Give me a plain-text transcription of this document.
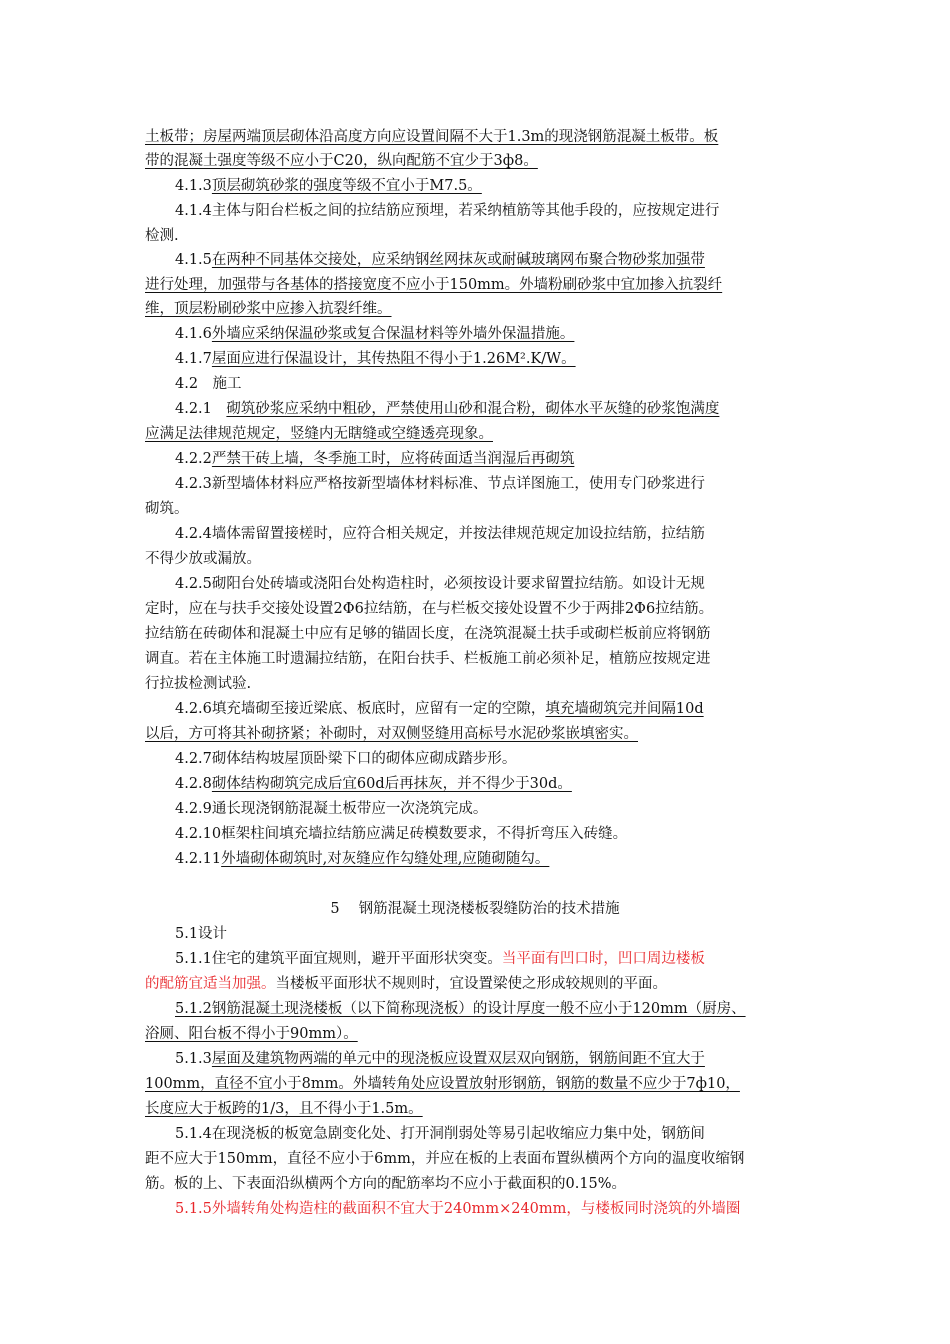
土板带；房屋两端顶层砌体沿高度方向应设置间隔不大于1.3m的现浇钢筋混凝土板带。板
带的混凝土强度等级不应小于C20，纵向配筋不宜少于3ф8。
4.1.3顶层砌筑砂浆的强度等级不宜小于M7.5。
4.1.4主体与阳台栏板之间的拉结筋应预埋，若采纳植筋等其他手段的，应按规定进行
检测.
4.1.5在两种不同基体交接处，应采纳钢丝网抹灰或耐碱玻璃网布聚合物砂浆加强带
进行处理，加强带与各基体的搭接宽度不应小于150mm。外墙粉刷砂浆中宜加掺入抗裂纤
维，顶层粉刷砂浆中应掺入抗裂纤维。
4.1.6外墙应采纳保温砂浆或复合保温材料等外墙外保温措施。
4.1.7屋面应进行保温设计，其传热阻不得小于1.26M².K/W。
4.2　施工
4.2.1　砌筑砂浆应采纳中粗砂，严禁使用山砂和混合粉，砌体水平灰缝的砂浆饱满度
应满足法律规范规定，竖缝内无瞎缝或空缝透亮现象。
4.2.2严禁干砖上墙，冬季施工时，应将砖面适当润湿后再砌筑
4.2.3新型墙体材料应严格按新型墙体材料标准、节点详图施工，使用专门砂浆进行
砌筑。
4.2.4墙体需留置接槎时，应符合相关规定，并按法律规范规定加设拉结筋，拉结筋
不得少放或漏放。
4.2.5砌阳台处砖墙或浇阳台处构造柱时，必须按设计要求留置拉结筋。如设计无规
定时，应在与扶手交接处设置2Φ6拉结筋，在与栏板交接处设置不少于两排2Φ6拉结筋。
拉结筋在砖砌体和混凝土中应有足够的锚固长度，在浇筑混凝土扶手或砌栏板前应将钢筋
调直。若在主体施工时遗漏拉结筋，在阳台扶手、栏板施工前必须补足，植筋应按规定进
行拉拔检测试验.
4.2.6填充墙砌至接近梁底、板底时，应留有一定的空隙，填充墙砌筑完并间隔10d
以后，方可将其补砌挤紧；补砌时，对双侧竖缝用高标号水泥砂浆嵌填密实。
4.2.7砌体结构坡屋顶卧梁下口的砌体应砌成踏步形。
4.2.8砌体结构砌筑完成后宜60d后再抹灰，并不得少于30d。
4.2.9通长现浇钢筋混凝土板带应一次浇筑完成。
4.2.10框架柱间填充墙拉结筋应满足砖模数要求，不得折弯压入砖缝。
4.2.11外墙砌体砌筑时,对灰缝应作勾缝处理,应随砌随勾。
5　 钢筋混凝土现浇楼板裂缝防治的技术措施
5.1设计
5.1.1住宅的建筑平面宜规则，避开平面形状突变。当平面有凹口时，凹口周边楼板
的配筋宜适当加强。当楼板平面形状不规则时，宜设置梁使之形成较规则的平面。
5.1.2钢筋混凝土现浇楼板（以下简称现浇板）的设计厚度一般不应小于120mm（厨房、
浴厕、阳台板不得小于90mm）。
5.1.3屋面及建筑物两端的单元中的现浇板应设置双层双向钢筋，钢筋间距不宜大于
100mm，直径不宜小于8mm。外墙转角处应设置放射形钢筋，钢筋的数量不应少于7ф10，
长度应大于板跨的1/3，且不得小于1.5m。
5.1.4在现浇板的板宽急剧变化处、打开洞削弱处等易引起收缩应力集中处，钢筋间
距不应大于150mm，直径不应小于6mm，并应在板的上表面布置纵横两个方向的温度收缩钢
筋。板的上、下表面沿纵横两个方向的配筋率均不应小于截面积的0.15%。
5.1.5外墙转角处构造柱的截面积不宜大于240mm×240mm，与楼板同时浇筑的外墙圈
